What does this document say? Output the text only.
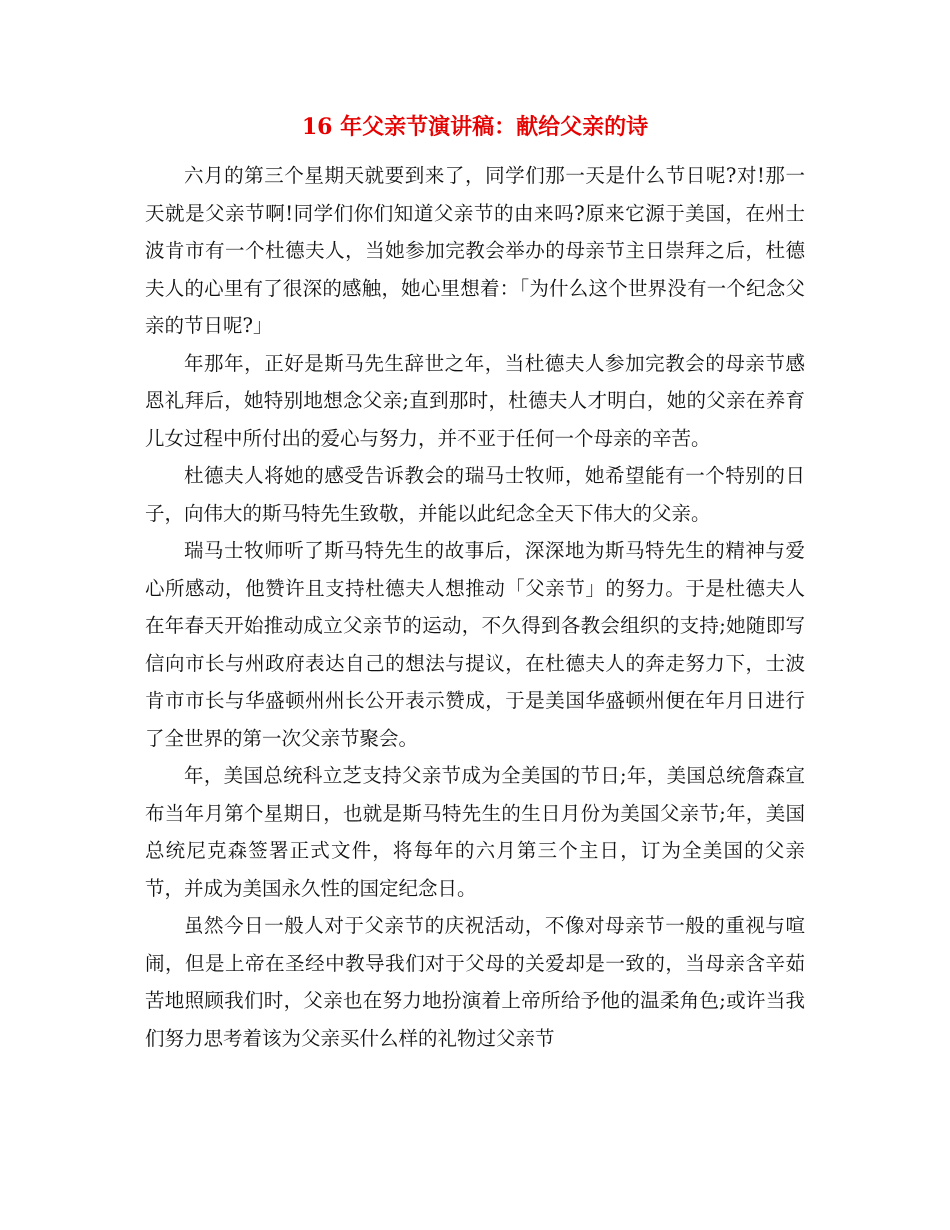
16 年父亲节演讲稿：献给父亲的诗

六月的第三个星期天就要到来了，同学们那一天是什么节日呢?对!那一天就是父亲节啊!同学们你们知道父亲节的由来吗?原来它源于美国，在州士波肯市有一个杜德夫人，当她参加完教会举办的母亲节主日崇拜之后，杜德夫人的心里有了很深的感触，她心里想着：「为什么这个世界没有一个纪念父亲的节日呢?」

年那年，正好是斯马先生辞世之年，当杜德夫人参加完教会的母亲节感恩礼拜后，她特别地想念父亲;直到那时，杜德夫人才明白，她的父亲在养育儿女过程中所付出的爱心与努力，并不亚于任何一个母亲的辛苦。

杜德夫人将她的感受告诉教会的瑞马士牧师，她希望能有一个特别的日子，向伟大的斯马特先生致敬，并能以此纪念全天下伟大的父亲。

瑞马士牧师听了斯马特先生的故事后，深深地为斯马特先生的精神与爱心所感动，他赞许且支持杜德夫人想推动「父亲节」的努力。于是杜德夫人在年春天开始推动成立父亲节的运动，不久得到各教会组织的支持;她随即写信向市长与州政府表达自己的想法与提议，在杜德夫人的奔走努力下，士波肯市市长与华盛顿州州长公开表示赞成，于是美国华盛顿州便在年月日进行了全世界的第一次父亲节聚会。

年，美国总统科立芝支持父亲节成为全美国的节日;年，美国总统詹森宣布当年月第个星期日，也就是斯马特先生的生日月份为美国父亲节;年，美国总统尼克森签署正式文件，将每年的六月第三个主日，订为全美国的父亲节，并成为美国永久性的国定纪念日。

虽然今日一般人对于父亲节的庆祝活动，不像对母亲节一般的重视与喧闹，但是上帝在圣经中教导我们对于父母的关爱却是一致的，当母亲含辛茹苦地照顾我们时，父亲也在努力地扮演着上帝所给予他的温柔角色;或许当我们努力思考着该为父亲买什么样的礼物过父亲节
